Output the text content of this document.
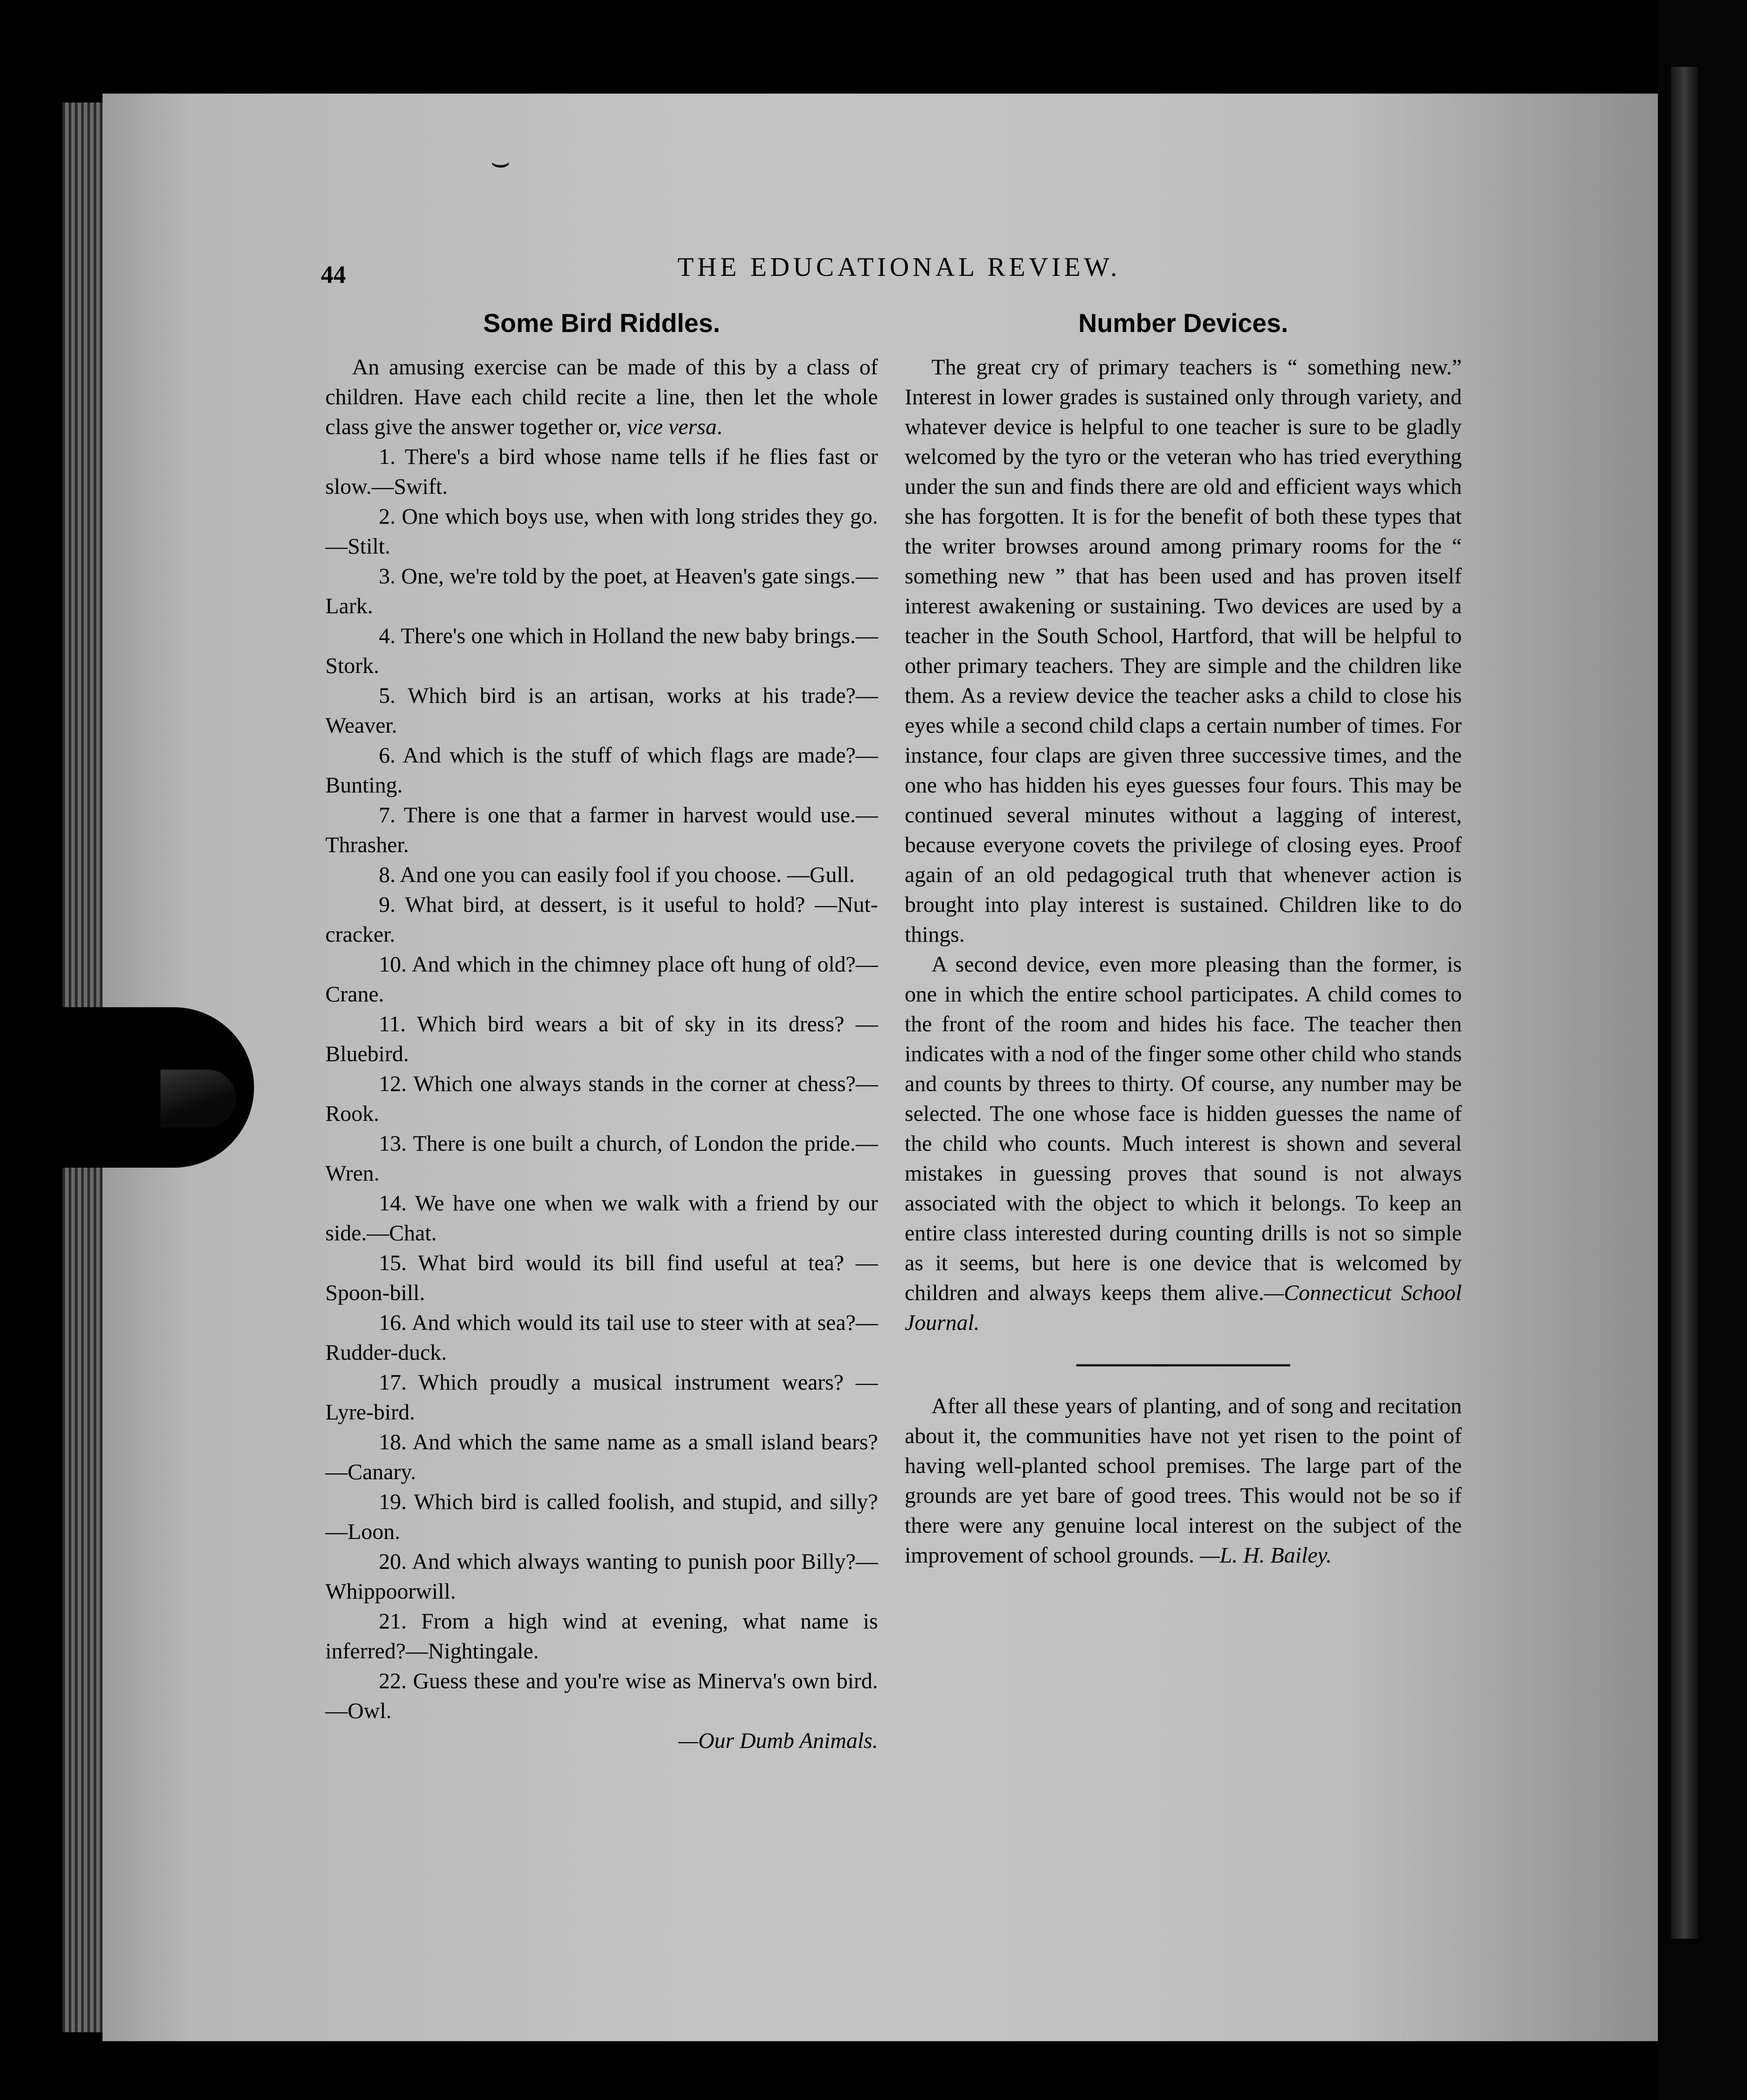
⌣
44	THE EDUCATIONAL REVIEW.
Some Bird Riddles.

An amusing exercise can be made of this by a class of children. Have each child recite a line, then let the whole class give the answer together or, vice versa.

1. There's a bird whose name tells if he flies fast or slow.—Swift.

2. One which boys use, when with long strides they go.—Stilt.

3. One, we're told by the poet, at Heaven's gate sings.—Lark.

4. There's one which in Holland the new baby brings.—Stork.

5. Which bird is an artisan, works at his trade?—Weaver.

6. And which is the stuff of which flags are made?—Bunting.

7. There is one that a farmer in harvest would use.—Thrasher.

8. And one you can easily fool if you choose. —Gull.

9. What bird, at dessert, is it useful to hold? —Nut-cracker.

10. And which in the chimney place oft hung of old?—Crane.

11. Which bird wears a bit of sky in its dress? —Bluebird.

12. Which one always stands in the corner at chess?—Rook.

13. There is one built a church, of London the pride.—Wren.

14. We have one when we walk with a friend by our side.—Chat.

15. What bird would its bill find useful at tea? —Spoon-bill.

16. And which would its tail use to steer with at sea?—Rudder-duck.

17. Which proudly a musical instrument wears? —Lyre-bird.

18. And which the same name as a small island bears?—Canary.

19. Which bird is called foolish, and stupid, and silly?—Loon.

20. And which always wanting to punish poor Billy?—Whippoorwill.

21. From a high wind at evening, what name is inferred?—Nightingale.

22. Guess these and you're wise as Minerva's own bird.—Owl.

—Our Dumb Animals.
Number Devices.

The great cry of primary teachers is “ something new.” Interest in lower grades is sustained only through variety, and whatever device is helpful to one teacher is sure to be gladly welcomed by the tyro or the veteran who has tried everything under the sun and finds there are old and efficient ways which she has forgotten. It is for the benefit of both these types that the writer browses around among primary rooms for the “ something new ” that has been used and has proven itself interest awakening or sustaining. Two devices are used by a teacher in the South School, Hartford, that will be helpful to other primary teachers. They are simple and the children like them. As a review device the teacher asks a child to close his eyes while a second child claps a certain number of times. For instance, four claps are given three successive times, and the one who has hidden his eyes guesses four fours. This may be continued several minutes without a lagging of interest, because everyone covets the privilege of closing eyes. Proof again of an old pedagogical truth that whenever action is brought into play interest is sustained. Children like to do things.

A second device, even more pleasing than the former, is one in which the entire school participates. A child comes to the front of the room and hides his face. The teacher then indicates with a nod of the finger some other child who stands and counts by threes to thirty. Of course, any number may be selected. The one whose face is hidden guesses the name of the child who counts. Much interest is shown and several mistakes in guessing proves that sound is not always associated with the object to which it belongs. To keep an entire class interested during counting drills is not so simple as it seems, but here is one device that is welcomed by children and always keeps them alive.—Connecticut School Journal.

After all these years of planting, and of song and recitation about it, the communities have not yet risen to the point of having well-planted school premises. The large part of the grounds are yet bare of good trees. This would not be so if there were any genuine local interest on the subject of the improvement of school grounds. —L. H. Bailey.
